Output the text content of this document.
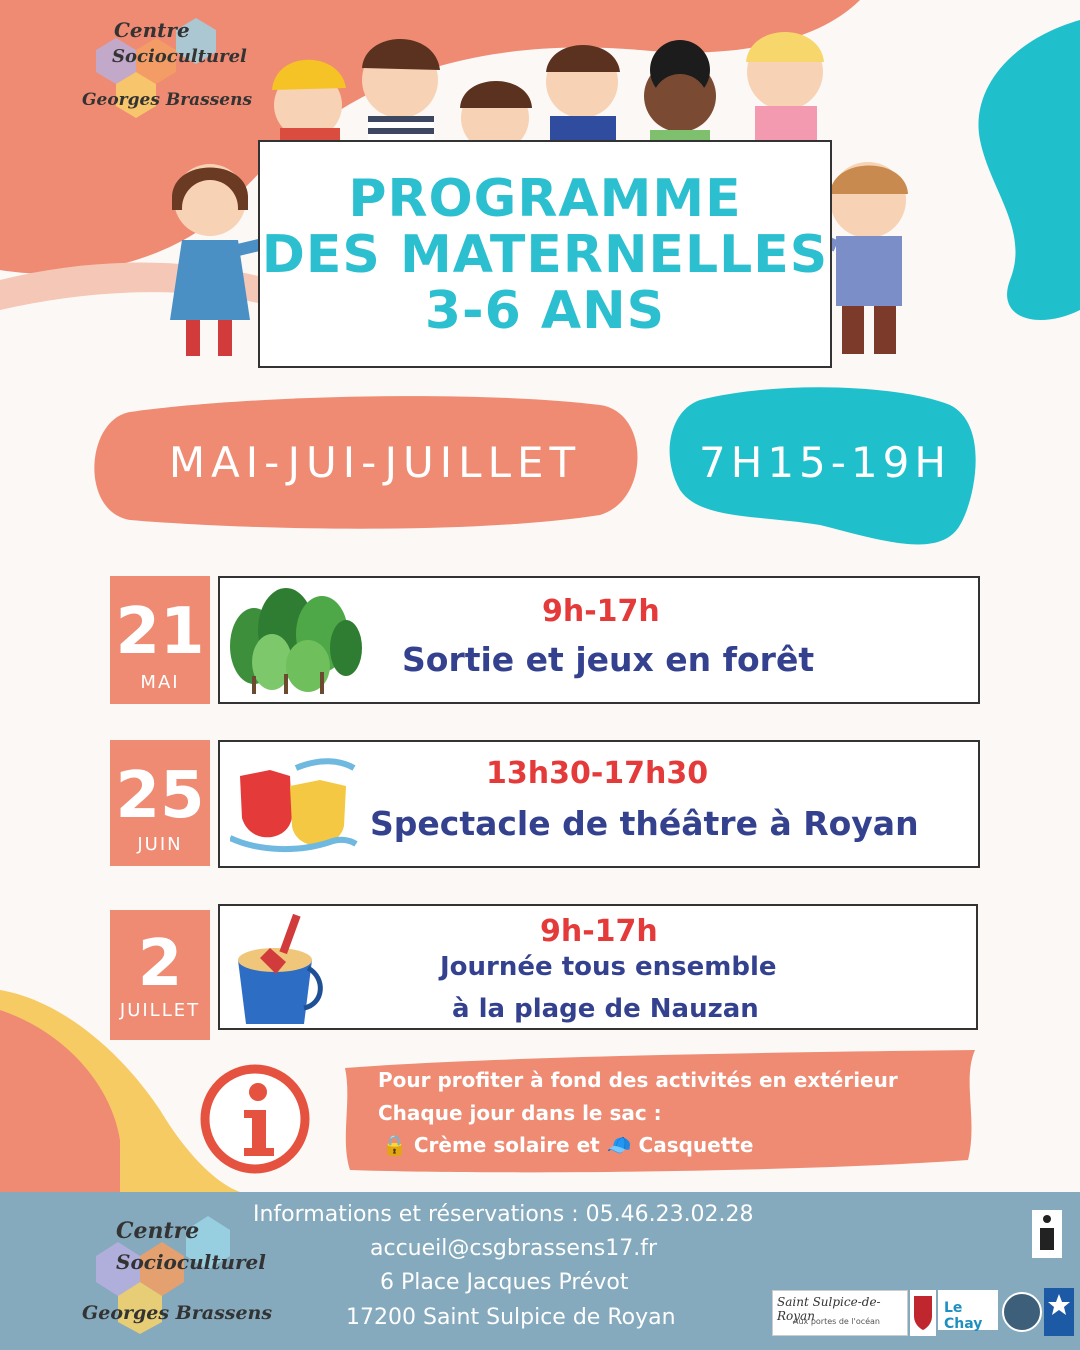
Centre
Socioculturel
Georges Brassens
PROGRAMME
DES MATERNELLES
3-6 ANS
MAI-JUI-JUILLET	7H15-19H
21
MAI
9h-17h
Sortie et jeux en forêt
25
JUIN
13h30-17h30
Spectacle de théâtre à Royan
2
JUILLET
9h-17h
Journée tous ensemble
à la plage de Nauzan
Pour profiter à fond des activités en extérieur
Chaque jour dans le sac :
🔒 Crème solaire et 🧢 Casquette
Centre
Socioculturel
Georges Brassens
Informations et réservations : 05.46.23.02.28
accueil@csgbrassens17.fr
6 Place Jacques Prévot
17200 Saint Sulpice de Royan
Saint Sulpice-de-Royan
Aux portes de l'océan
Le Chay
